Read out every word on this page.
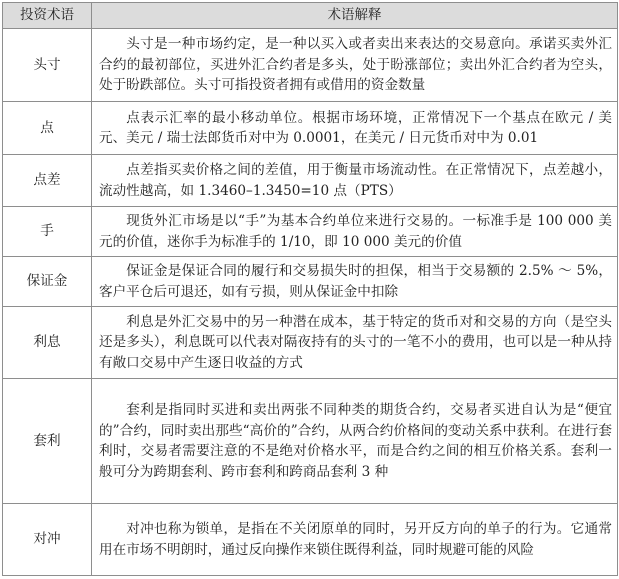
投资术语	术语解释
头寸	头寸是一种市场约定，是一种以买入或者卖出来表达的交易意向。承诺买卖外汇合约的最初部位，买进外汇合约者是多头，处于盼涨部位；卖出外汇合约者为空头，处于盼跌部位。头寸可指投资者拥有或借用的资金数量

点	点表示汇率的最小移动单位。根据市场环境，正常情况下一个基点在欧元 / 美元、美元 / 瑞士法郎货币对中为 0.0001，在美元 / 日元货币对中为 0.01

点差	点差指买卖价格之间的差值，用于衡量市场流动性。在正常情况下，点差越小，流动性越高，如 1.3460–1.3450=10 点（PTS）

手	现货外汇市场是以“手”为基本合约单位来进行交易的。一标准手是 100 000 美元的价值，迷你手为标准手的 1/10，即 10 000 美元的价值

保证金	保证金是保证合同的履行和交易损失时的担保，相当于交易额的 2.5% ～ 5%，客户平仓后可退还，如有亏损，则从保证金中扣除

利息	利息是外汇交易中的另一种潜在成本，基于特定的货币对和交易的方向（是空头还是多头），利息既可以代表对隔夜持有的头寸的一笔不小的费用，也可以是一种从持有敞口交易中产生逐日收益的方式

套利	套利是指同时买进和卖出两张不同种类的期货合约，交易者买进自认为是“便宜的”合约，同时卖出那些“高价的”合约，从两合约价格间的变动关系中获利。在进行套利时，交易者需要注意的不是绝对价格水平，而是合约之间的相互价格关系。套利一般可分为跨期套利、跨市套利和跨商品套利 3 种

对冲	对冲也称为锁单，是指在不关闭原单的同时，另开反方向的单子的行为。它通常用在市场不明朗时，通过反向操作来锁住既得利益，同时规避可能的风险
